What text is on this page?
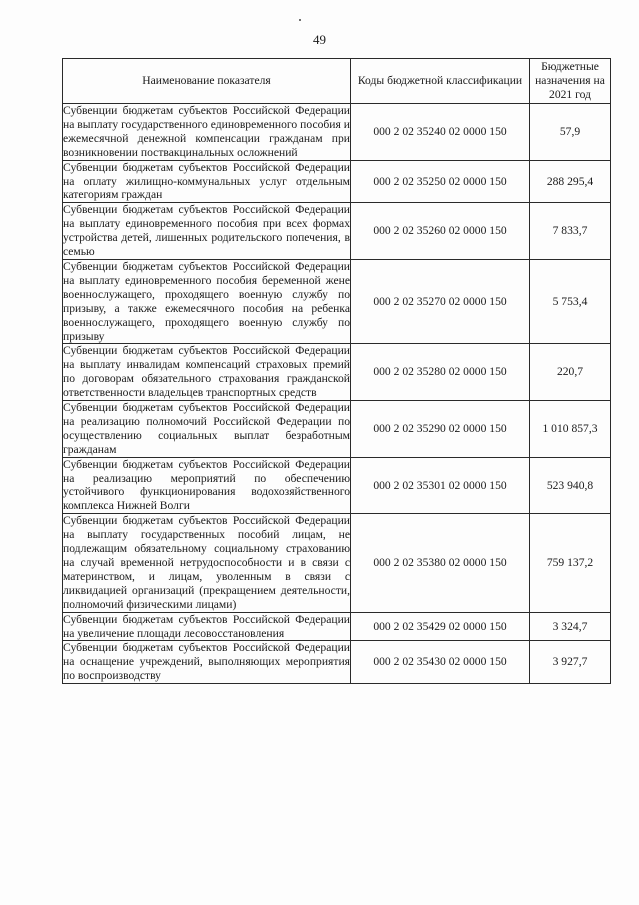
49
Наименование показателя	Коды бюджетной классификации	Бюджетные назначения на 2021 год
Субвенции бюджетам субъектов Российской Федерации на выплату государственного единовременного пособия и ежемесячной денежной компенсации гражданам при возникновении поствакцинальных осложнений	000 2 02 35240 02 0000 150	57,9
Субвенции бюджетам субъектов Российской Федерации на оплату жилищно-коммунальных услуг отдельным категориям граждан	000 2 02 35250 02 0000 150	288 295,4
Субвенции бюджетам субъектов Российской Федерации на выплату единовременного пособия при всех формах устройства детей, лишенных родительского попечения, в семью	000 2 02 35260 02 0000 150	7 833,7
Субвенции бюджетам субъектов Российской Федерации на выплату единовременного пособия беременной жене военнослужащего, проходящего военную службу по призыву, а также ежемесячного пособия на ребенка военнослужащего, проходящего военную службу по призыву	000 2 02 35270 02 0000 150	5 753,4
Субвенции бюджетам субъектов Российской Федерации на выплату инвалидам компенсаций страховых премий по договорам обязательного страхования гражданской ответственности владельцев транспортных средств	000 2 02 35280 02 0000 150	220,7
Субвенции бюджетам субъектов Российской Федерации на реализацию полномочий Российской Федерации по осуществлению социальных выплат безработным гражданам	000 2 02 35290 02 0000 150	1 010 857,3
Субвенции бюджетам субъектов Российской Федерации на реализацию мероприятий по обеспечению устойчивого функционирования водохозяйственного комплекса Нижней Волги	000 2 02 35301 02 0000 150	523 940,8
Субвенции бюджетам субъектов Российской Федерации на выплату государственных пособий лицам, не подлежащим обязательному социальному страхованию на случай временной нетрудоспособности и в связи с материнством, и лицам, уволенным в связи с ликвидацией организаций (прекращением деятельности, полномочий физическими лицами)	000 2 02 35380 02 0000 150	759 137,2
Субвенции бюджетам субъектов Российской Федерации на увеличение площади лесовосстановления	000 2 02 35429 02 0000 150	3 324,7
Субвенции бюджетам субъектов Российской Федерации на оснащение учреждений, выполняющих мероприятия по воспроизводству	000 2 02 35430 02 0000 150	3 927,7
